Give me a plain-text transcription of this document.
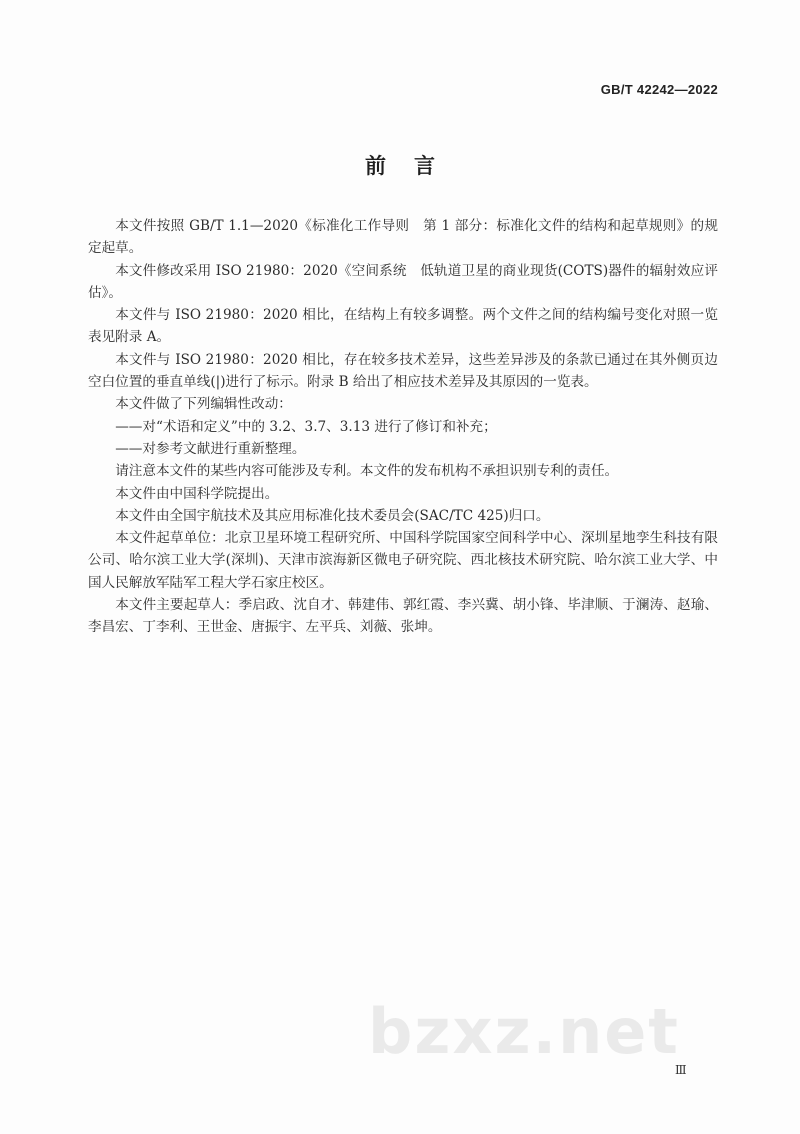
GB/T 42242—2022
前言

本文件按照 GB/T 1.1—2020《标准化工作导则　第 1 部分：标准化文件的结构和起草规则》的规定起草。

本文件修改采用 ISO 21980：2020《空间系统　低轨道卫星的商业现货(COTS)器件的辐射效应评估》。

本文件与 ISO 21980：2020 相比，在结构上有较多调整。两个文件之间的结构编号变化对照一览表见附录 A。

本文件与 ISO 21980：2020 相比，存在较多技术差异，这些差异涉及的条款已通过在其外侧页边空白位置的垂直单线(|)进行了标示。附录 B 给出了相应技术差异及其原因的一览表。

本文件做了下列编辑性改动：

——对“术语和定义”中的 3.2、3.7、3.13 进行了修订和补充；

——对参考文献进行重新整理。

请注意本文件的某些内容可能涉及专利。本文件的发布机构不承担识别专利的责任。

本文件由中国科学院提出。

本文件由全国宇航技术及其应用标准化技术委员会(SAC/TC 425)归口。

本文件起草单位：北京卫星环境工程研究所、中国科学院国家空间科学中心、深圳星地孪生科技有限公司、哈尔滨工业大学(深圳)、天津市滨海新区微电子研究院、西北核技术研究院、哈尔滨工业大学、中国人民解放军陆军工程大学石家庄校区。

本文件主要起草人：季启政、沈自才、韩建伟、郭红霞、李兴冀、胡小锋、毕津顺、于澜涛、赵瑜、李昌宏、丁李利、王世金、唐振宇、左平兵、刘薇、张坤。

bzxz.net
Ⅲ
